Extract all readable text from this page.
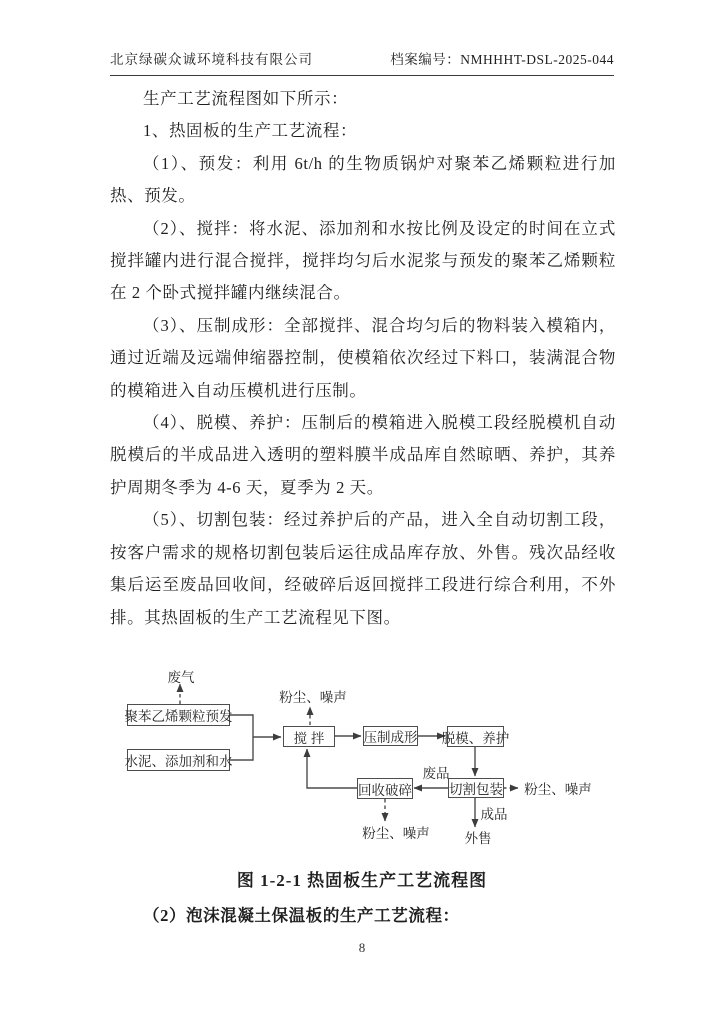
北京绿碳众诚环境科技有限公司	档案编号：NMHHHT-DSL-2025-044

生产工艺流程图如下所示：

1、热固板的生产工艺流程：

（1）、预发：利用 6t/h 的生物质锅炉对聚苯乙烯颗粒进行加热、预发。

（2）、搅拌：将水泥、添加剂和水按比例及设定的时间在立式搅拌罐内进行混合搅拌，搅拌均匀后水泥浆与预发的聚苯乙烯颗粒在 2 个卧式搅拌罐内继续混合。

（3）、压制成形：全部搅拌、混合均匀后的物料装入模箱内，通过近端及远端伸缩器控制，使模箱依次经过下料口，装满混合物的模箱进入自动压模机进行压制。

（4）、脱模、养护：压制后的模箱进入脱模工段经脱模机自动脱模后的半成品进入透明的塑料膜半成品库自然晾晒、养护，其养护周期冬季为 4-6 天，夏季为 2 天。

（5）、切割包装：经过养护后的产品，进入全自动切割工段，按客户需求的规格切割包装后运往成品库存放、外售。残次品经收集后运至废品回收间，经破碎后返回搅拌工段进行综合利用，不外排。其热固板的生产工艺流程见下图。

聚苯乙烯颗粒预发
水泥、添加剂和水
搅 拌	压制成形 脱模、养护
切割包装
回收破碎
废气
粉尘、噪声
废品
粉尘、噪声
粉尘、噪声
成品
外售
图 1-2-1 热固板生产工艺流程图
（2）泡沫混凝土保温板的生产工艺流程：
8
